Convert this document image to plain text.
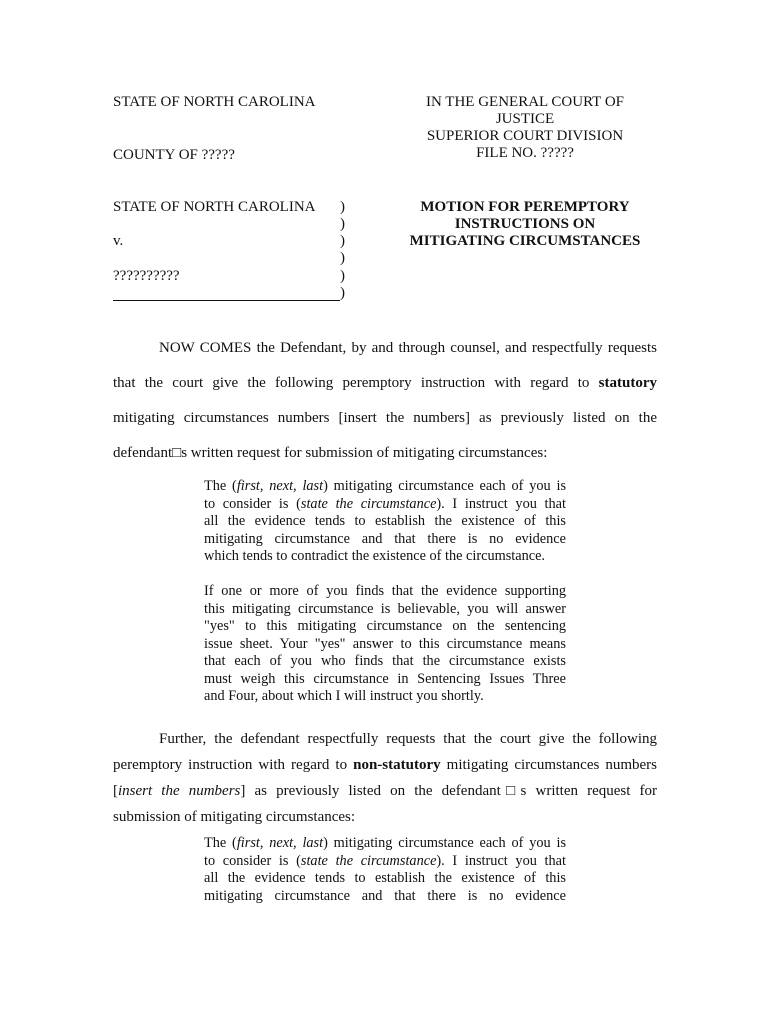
STATE OF NORTH CAROLINA
COUNTY OF ?????
IN THE GENERAL COURT OF
JUSTICE
SUPERIOR COURT DIVISION
FILE NO. ?????
STATE OF NORTH CAROLINA
v.
??????????
)
)
)
)
)
)
MOTION FOR PEREMPTORY
INSTRUCTIONS ON
MITIGATING CIRCUMSTANCES
NOW COMES the Defendant, by and through counsel, and respectfully requests
that the court give the following peremptory instruction with regard to statutory
mitigating circumstances numbers [insert the numbers] as previously listed on the
defendant□s written request for submission of mitigating circumstances:
The (first, next, last) mitigating circumstance each of you is
to consider is (state the circumstance). I instruct you that
all the evidence tends to establish the existence of this
mitigating circumstance and that there is no evidence
which tends to contradict the existence of the circumstance.
If one or more of you finds that the evidence supporting
this mitigating circumstance is believable, you will answer
"yes" to this mitigating circumstance on the sentencing
issue sheet. Your "yes" answer to this circumstance means
that each of you who finds that the circumstance exists
must weigh this circumstance in Sentencing Issues Three
and Four, about which I will instruct you shortly.
Further, the defendant respectfully requests that the court give the following
peremptory instruction with regard to non-statutory mitigating circumstances numbers
[insert the numbers] as previously listed on the defendant□s written request for
submission of mitigating circumstances:
The (first, next, last) mitigating circumstance each of you is
to consider is (state the circumstance). I instruct you that
all the evidence tends to establish the existence of this
mitigating circumstance and that there is no evidence
